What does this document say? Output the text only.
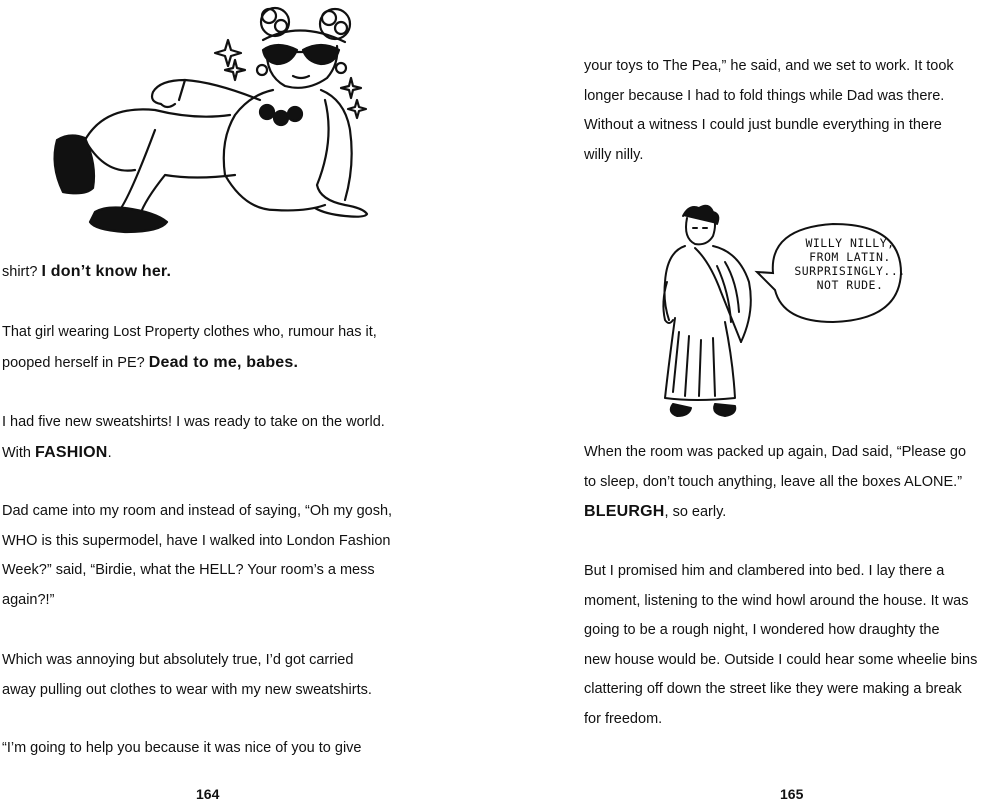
shirt? I don’t know her.

That girl wearing Lost Property clothes who, rumour has it,
pooped herself in PE? Dead to me, babes.

I had five new sweatshirts! I was ready to take on the world.
With FASHION.

Dad came into my room and instead of saying, “Oh my gosh,
WHO is this supermodel, have I walked into London Fashion
Week?” said, “Birdie, what the HELL? Your room’s a mess
again?!”

Which was annoying but absolutely true, I’d got carried
away pulling out clothes to wear with my new sweatshirts.

“I’m going to help you because it was nice of you to give

164

your toys to The Pea,” he said, and we set to work. It took
longer because I had to fold things while Dad was there.
Without a witness I could just bundle everything in there
willy nilly.

WILLY NILLY,
FROM LATIN.
SURPRISINGLY...
NOT RUDE.

When the room was packed up again, Dad said, “Please go
to sleep, don’t touch anything, leave all the boxes ALONE.”
BLEURGH, so early.

But I promised him and clambered into bed. I lay there a
moment, listening to the wind howl around the house. It was
going to be a rough night, I wondered how draughty the
new house would be. Outside I could hear some wheelie bins
clattering off down the street like they were making a break
for freedom.

165
